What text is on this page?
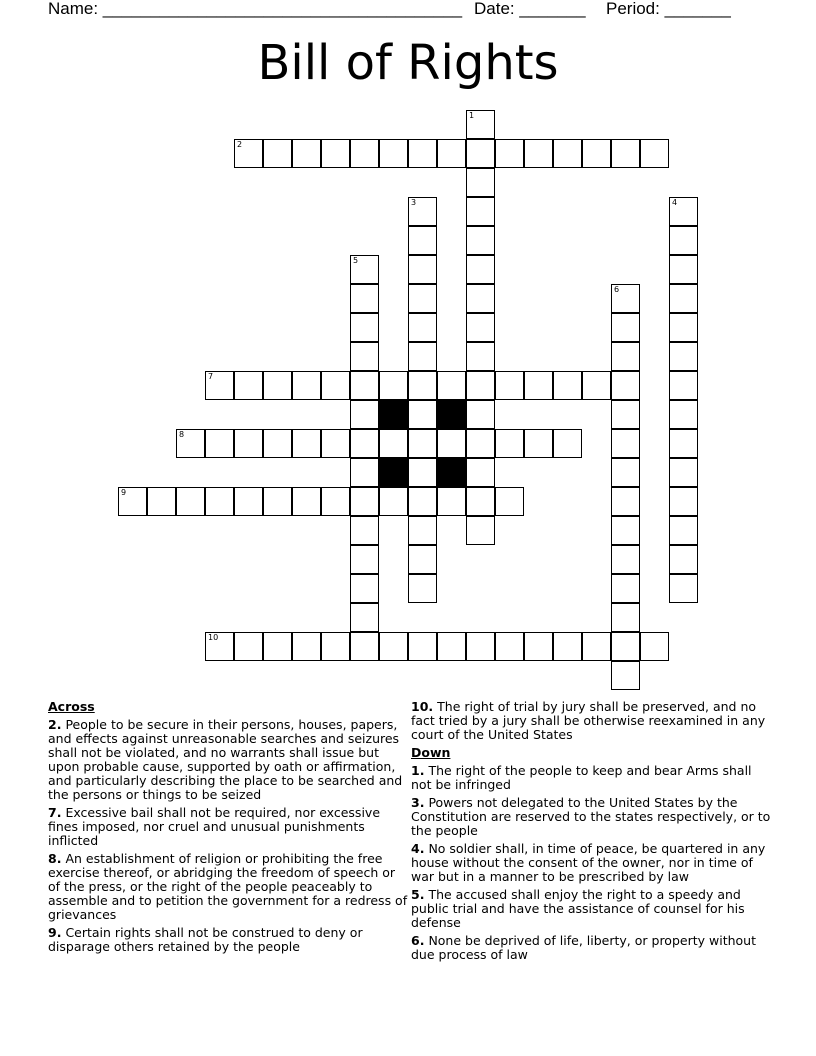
Name: ______________________________________ Date: _______ Period: _______
Bill of Rights
1
2
3	4
5
6
7
8
9
10
Across
2. People to be secure in their persons, houses, papers, and effects against unreasonable searches and seizures shall not be violated, and no warrants shall issue but upon probable cause, supported by oath or affirmation, and particularly describing the place to be searched and the persons or things to be seized
7. Excessive bail shall not be required, nor excessive fines imposed, nor cruel and unusual punishments inflicted
8. An establishment of religion or prohibiting the free exercise thereof, or abridging the freedom of speech or of the press, or the right of the people peaceably to assemble and to petition the government for a redress of grievances
9. Certain rights shall not be construed to deny or disparage others retained by the people
10. The right of trial by jury shall be preserved, and no fact tried by a jury shall be otherwise reexamined in any court of the United States
Down
1. The right of the people to keep and bear Arms shall not be infringed
3. Powers not delegated to the United States by the Constitution are reserved to the states respectively, or to the people
4. No soldier shall, in time of peace, be quartered in any house without the consent of the owner, nor in time of war but in a manner to be prescribed by law
5. The accused shall enjoy the right to a speedy and public trial and have the assistance of counsel for his defense
6. None be deprived of life, liberty, or property without due process of law
